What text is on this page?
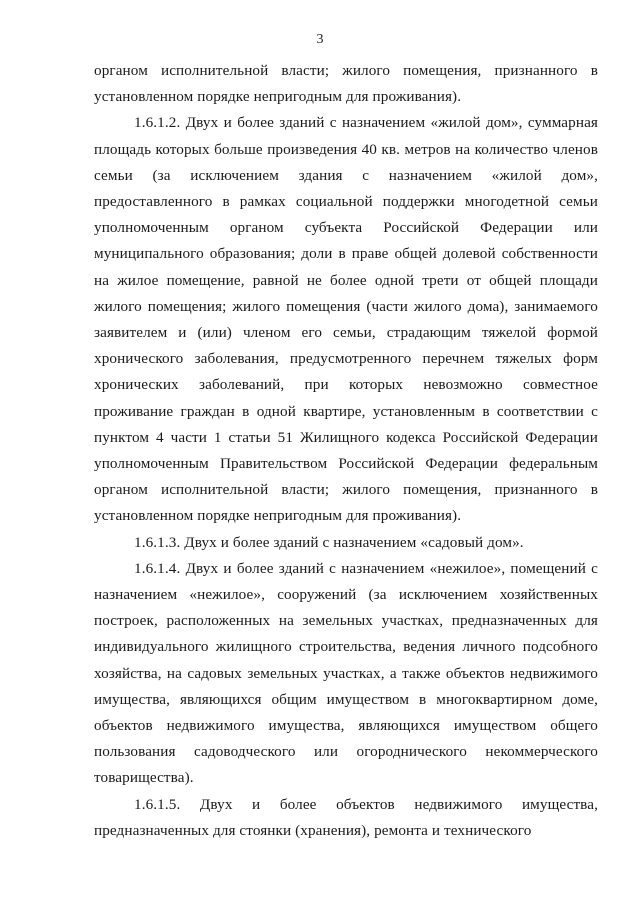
3

органом исполнительной власти; жилого помещения, признанного в установленном порядке непригодным для проживания).

1.6.1.2. Двух и более зданий с назначением «жилой дом», суммарная площадь которых больше произведения 40 кв. метров на количество членов семьи (за исключением здания с назначением «жилой дом», предоставленного в рамках социальной поддержки многодетной семьи уполномоченным органом субъекта Российской Федерации или муниципального образования; доли в праве общей долевой собственности на жилое помещение, равной не более одной трети от общей площади жилого помещения; жилого помещения (части жилого дома), занимаемого заявителем и (или) членом его семьи, страдающим тяжелой формой хронического заболевания, предусмотренного перечнем тяжелых форм хронических заболеваний, при которых невозможно совместное проживание граждан в одной квартире, установленным в соответствии с пунктом 4 части 1 статьи 51 Жилищного кодекса Российской Федерации уполномоченным Правительством Российской Федерации федеральным органом исполнительной власти; жилого помещения, признанного в установленном порядке непригодным для проживания).

1.6.1.3. Двух и более зданий с назначением «садовый дом».

1.6.1.4. Двух и более зданий с назначением «нежилое», помещений с назначением «нежилое», сооружений (за исключением хозяйственных построек, расположенных на земельных участках, предназначенных для индивидуального жилищного строительства, ведения личного подсобного хозяйства, на садовых земельных участках, а также объектов недвижимого имущества, являющихся общим имуществом в многоквартирном доме, объектов недвижимого имущества, являющихся имуществом общего пользования садоводческого или огороднического некоммерческого товарищества).

1.6.1.5. Двух и более объектов недвижимого имущества, предназначенных для стоянки (хранения), ремонта и технического
